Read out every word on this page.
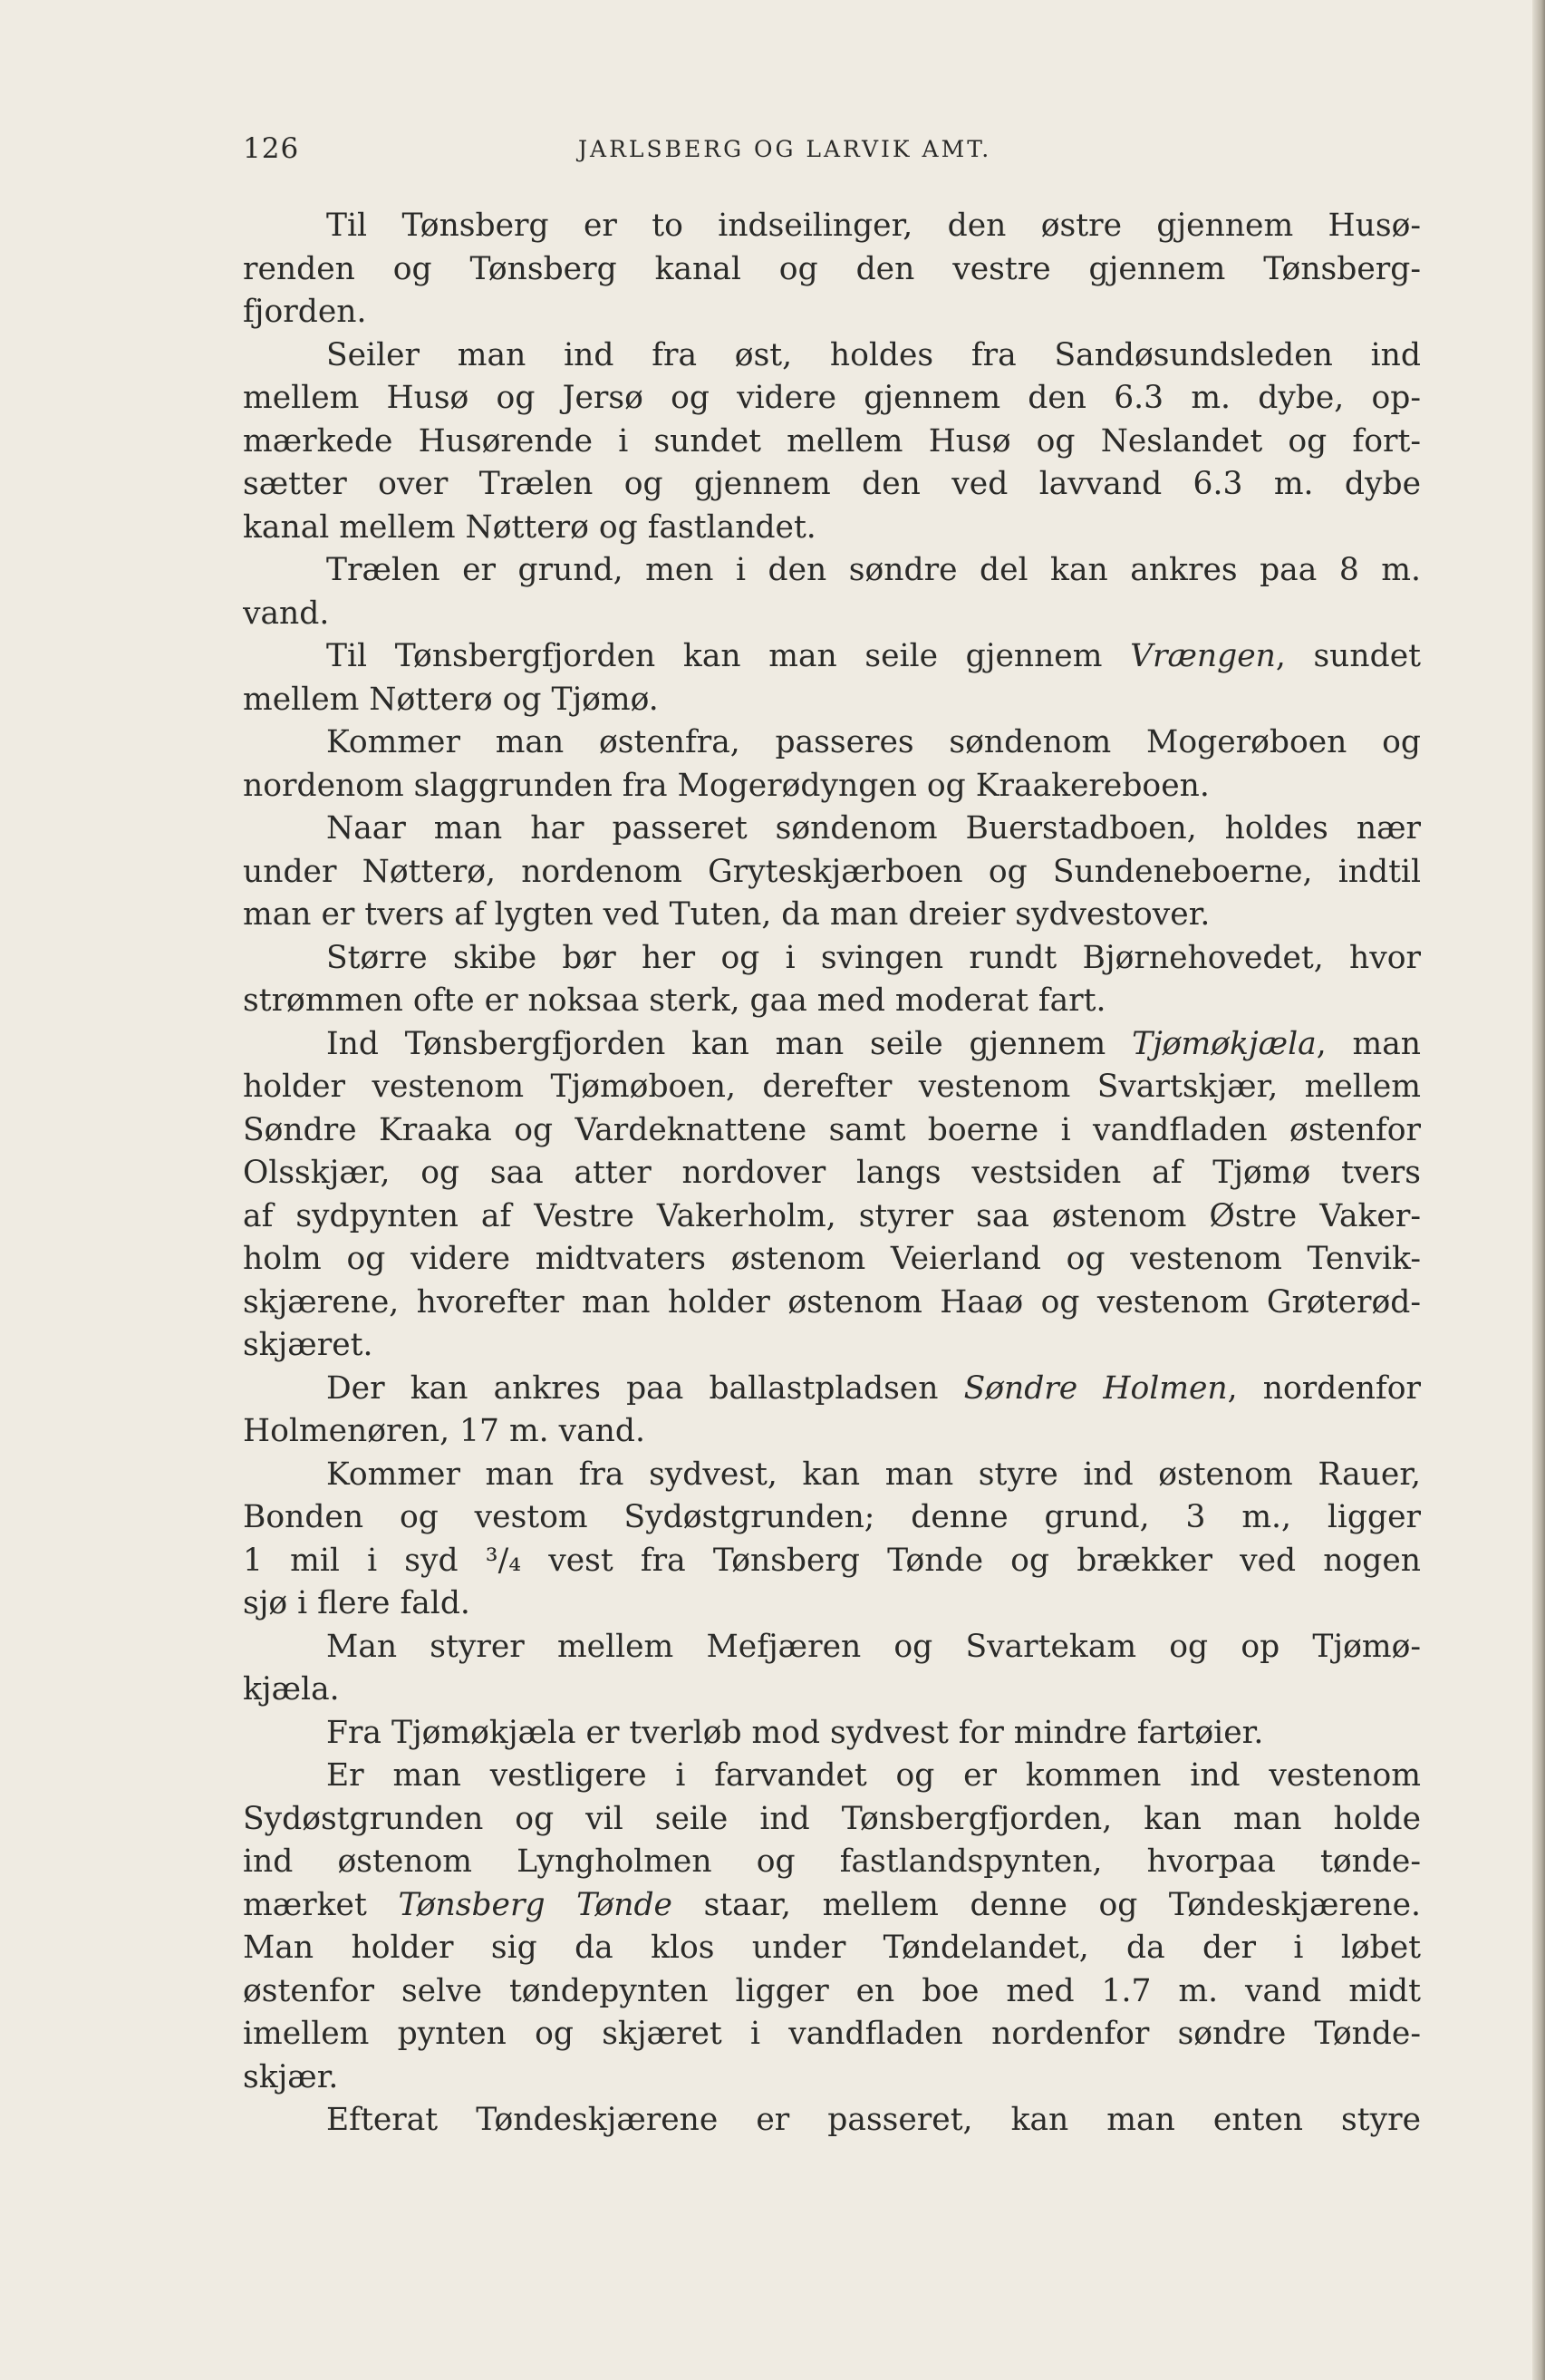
126	JARLSBERG OG LARVIK AMT.
Til Tønsberg er to indseilinger, den østre gjennem Husø-
renden og Tønsberg kanal og den vestre gjennem Tønsberg-
fjorden.
Seiler man ind fra øst, holdes fra Sandøsundsleden ind
mellem Husø og Jersø og videre gjennem den 6.3 m. dybe, op-
mærkede Husørende i sundet mellem Husø og Neslandet og fort-
sætter over Trælen og gjennem den ved lavvand 6.3 m. dybe
kanal mellem Nøtterø og fastlandet.
Trælen er grund, men i den søndre del kan ankres paa 8 m.
vand.
Til Tønsbergfjorden kan man seile gjennem Vrængen, sundet
mellem Nøtterø og Tjømø.
Kommer man østenfra, passeres søndenom Mogerøboen og
nordenom slaggrunden fra Mogerødyngen og Kraakereboen.
Naar man har passeret søndenom Buerstadboen, holdes nær
under Nøtterø, nordenom Gryteskjærboen og Sundeneboerne, indtil
man er tvers af lygten ved Tuten, da man dreier sydvestover.
Større skibe bør her og i svingen rundt Bjørnehovedet, hvor
strømmen ofte er noksaa sterk, gaa med moderat fart.
Ind Tønsbergfjorden kan man seile gjennem Tjømøkjæla, man
holder vestenom Tjømøboen, derefter vestenom Svartskjær, mellem
Søndre Kraaka og Vardeknattene samt boerne i vandfladen østenfor
Olsskjær, og saa atter nordover langs vestsiden af Tjømø tvers
af sydpynten af Vestre Vakerholm, styrer saa østenom Østre Vaker-
holm og videre midtvaters østenom Veierland og vestenom Tenvik-
skjærene, hvorefter man holder østenom Haaø og vestenom Grøterød-
skjæret.
Der kan ankres paa ballastpladsen Søndre Holmen, nordenfor
Holmenøren, 17 m. vand.
Kommer man fra sydvest, kan man styre ind østenom Rauer,
Bonden og vestom Sydøstgrunden; denne grund, 3 m., ligger
1 mil i syd ³/₄ vest fra Tønsberg Tønde og brækker ved nogen
sjø i flere fald.
Man styrer mellem Mefjæren og Svartekam og op Tjømø-
kjæla.
Fra Tjømøkjæla er tverløb mod sydvest for mindre fartøier.
Er man vestligere i farvandet og er kommen ind vestenom
Sydøstgrunden og vil seile ind Tønsbergfjorden, kan man holde
ind østenom Lyngholmen og fastlandspynten, hvorpaa tønde-
mærket Tønsberg Tønde staar, mellem denne og Tøndeskjærene.
Man holder sig da klos under Tøndelandet, da der i løbet
østenfor selve tøndepynten ligger en boe med 1.7 m. vand midt
imellem pynten og skjæret i vandfladen nordenfor søndre Tønde-
skjær.
Efterat Tøndeskjærene er passeret, kan man enten styre
